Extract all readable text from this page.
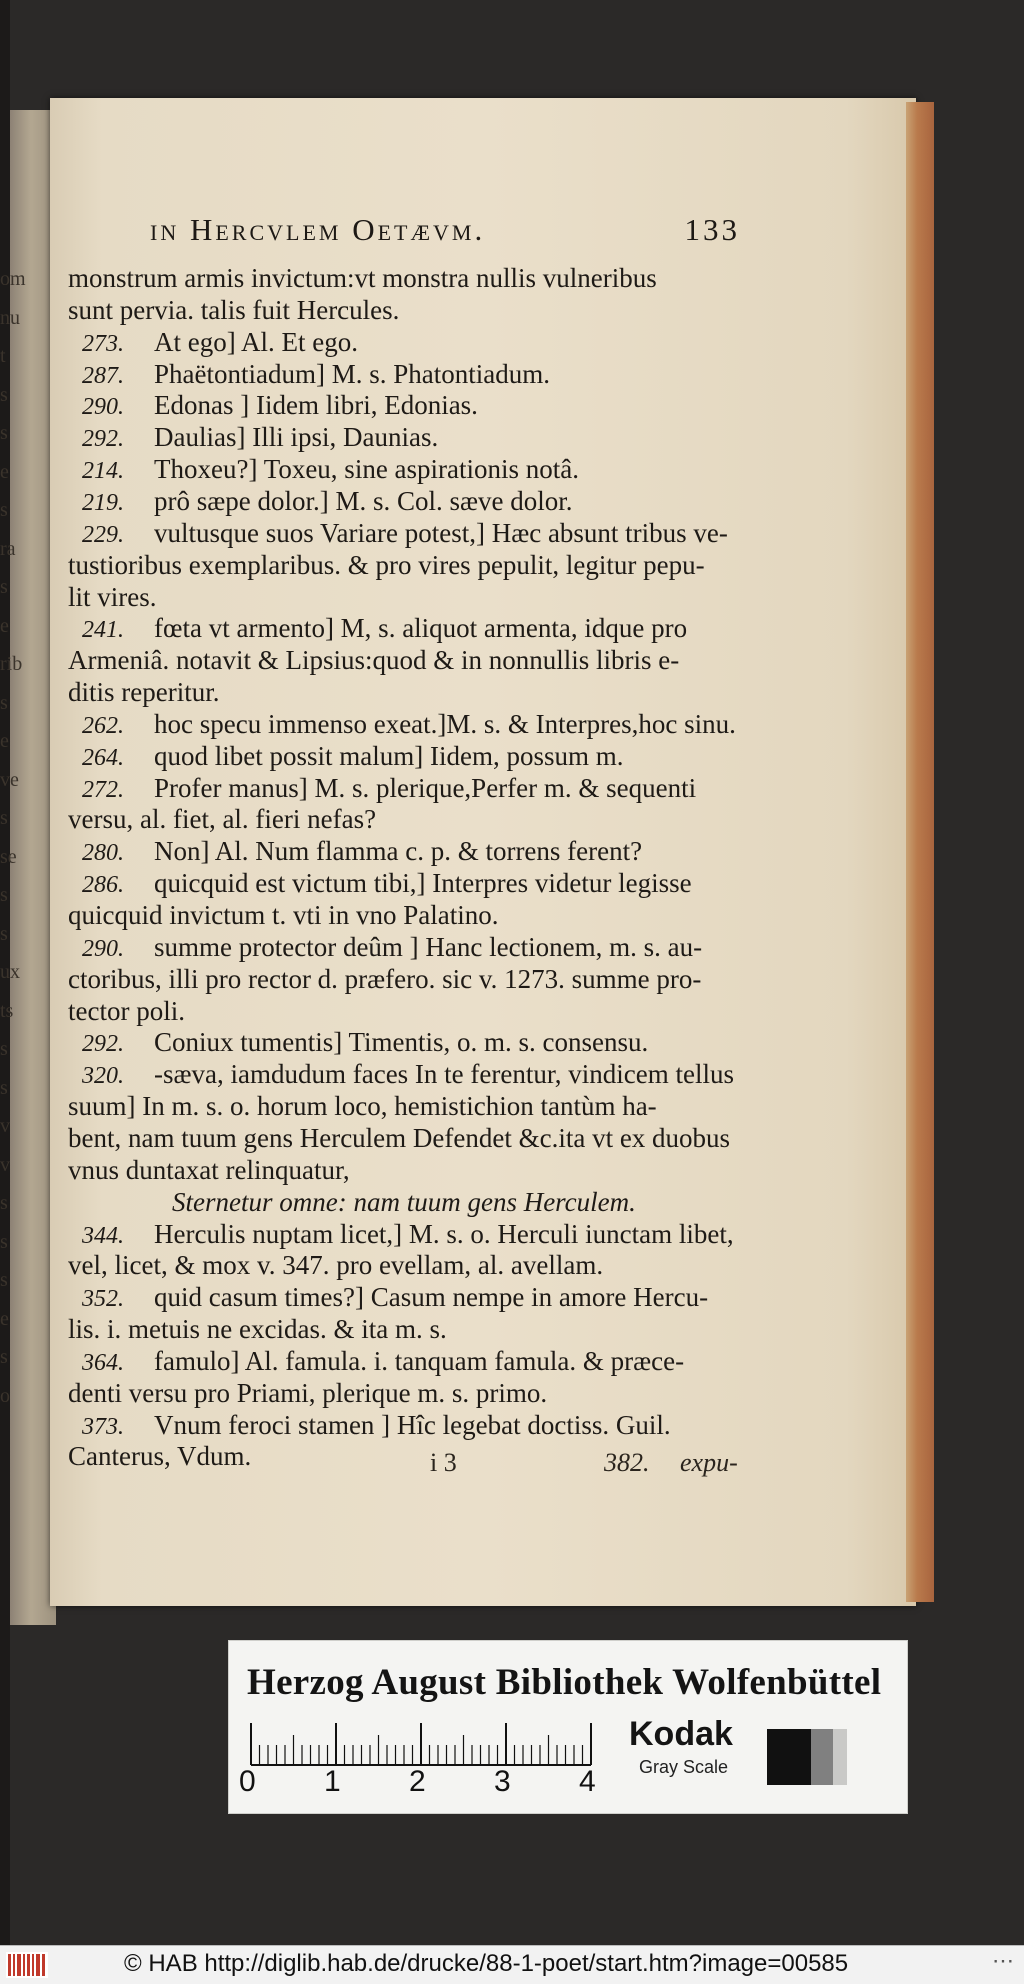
om
nu
t
s
s
e
s
ra
s
e
rib
s
e
ve
s
se
s
s
ux
ts
s
s
v
v
s
s
s
e
s
o
in Hercvlem Oetævm.	133
monstrum armis invictum:vt monstra nullis vulneribus
sunt pervia. talis fuit Hercules.
273. At ego] Al. Et ego.
287. Phaëtontiadum] M. s. Phatontiadum.
290. Edonas ] Iidem libri, Edonias.
292. Daulias] Illi ipsi, Daunias.
214. Thoxeu?] Toxeu, sine aspirationis notâ.
219. prô sæpe dolor.] M. s. Col. sæve dolor.
229. vultusque suos Variare potest,] Hæc absunt tribus ve-
tustioribus exemplaribus. & pro vires pepulit, legitur pepu-
lit vires.
241. fœta vt armento] M, s. aliquot armenta, idque pro
Armeniâ. notavit & Lipsius:quod & in nonnullis libris e-
ditis reperitur.
262. hoc specu immenso exeat.]M. s. & Interpres,hoc sinu.
264. quod libet possit malum] Iidem, possum m.
272. Profer manus] M. s. plerique,Perfer m. & sequenti
versu, al. fiet, al. fieri nefas?
280. Non] Al. Num flamma c. p. & torrens ferent?
286. quicquid est victum tibi,] Interpres videtur legisse
quicquid invictum t. vti in vno Palatino.
290. summe protector deûm ] Hanc lectionem, m. s. au-
ctoribus, illi pro rector d. præfero. sic v. 1273. summe pro-
tector poli.
292. Coniux tumentis] Timentis, o. m. s. consensu.
320. -sæva, iamdudum faces In te ferentur, vindicem tellus
suum] In m. s. o. horum loco, hemistichion tantùm ha-
bent, nam tuum gens Herculem Defendet &c.ita vt ex duobus
vnus duntaxat relinquatur,
Sternetur omne: nam tuum gens Herculem.
344. Herculis nuptam licet,] M. s. o. Herculi iunctam libet,
vel, licet, & mox v. 347. pro evellam, al. avellam.
352. quid casum times?] Casum nempe in amore Hercu-
lis. i. metuis ne excidas. & ita m. s.
364. famulo] Al. famula. i. tanquam famula. & præce-
denti versu pro Priami, plerique m. s. primo.
373. Vnum feroci stamen ] Hîc legebat doctiss. Guil.
Canterus, Vdum.	i 3	382. expu-
Herzog August Bibliothek Wolfenbüttel
0 1 2 3 4
Kodak
Gray Scale
© HAB http://diglib.hab.de/drucke/88-1-poet/start.htm?image=00585	⋯
